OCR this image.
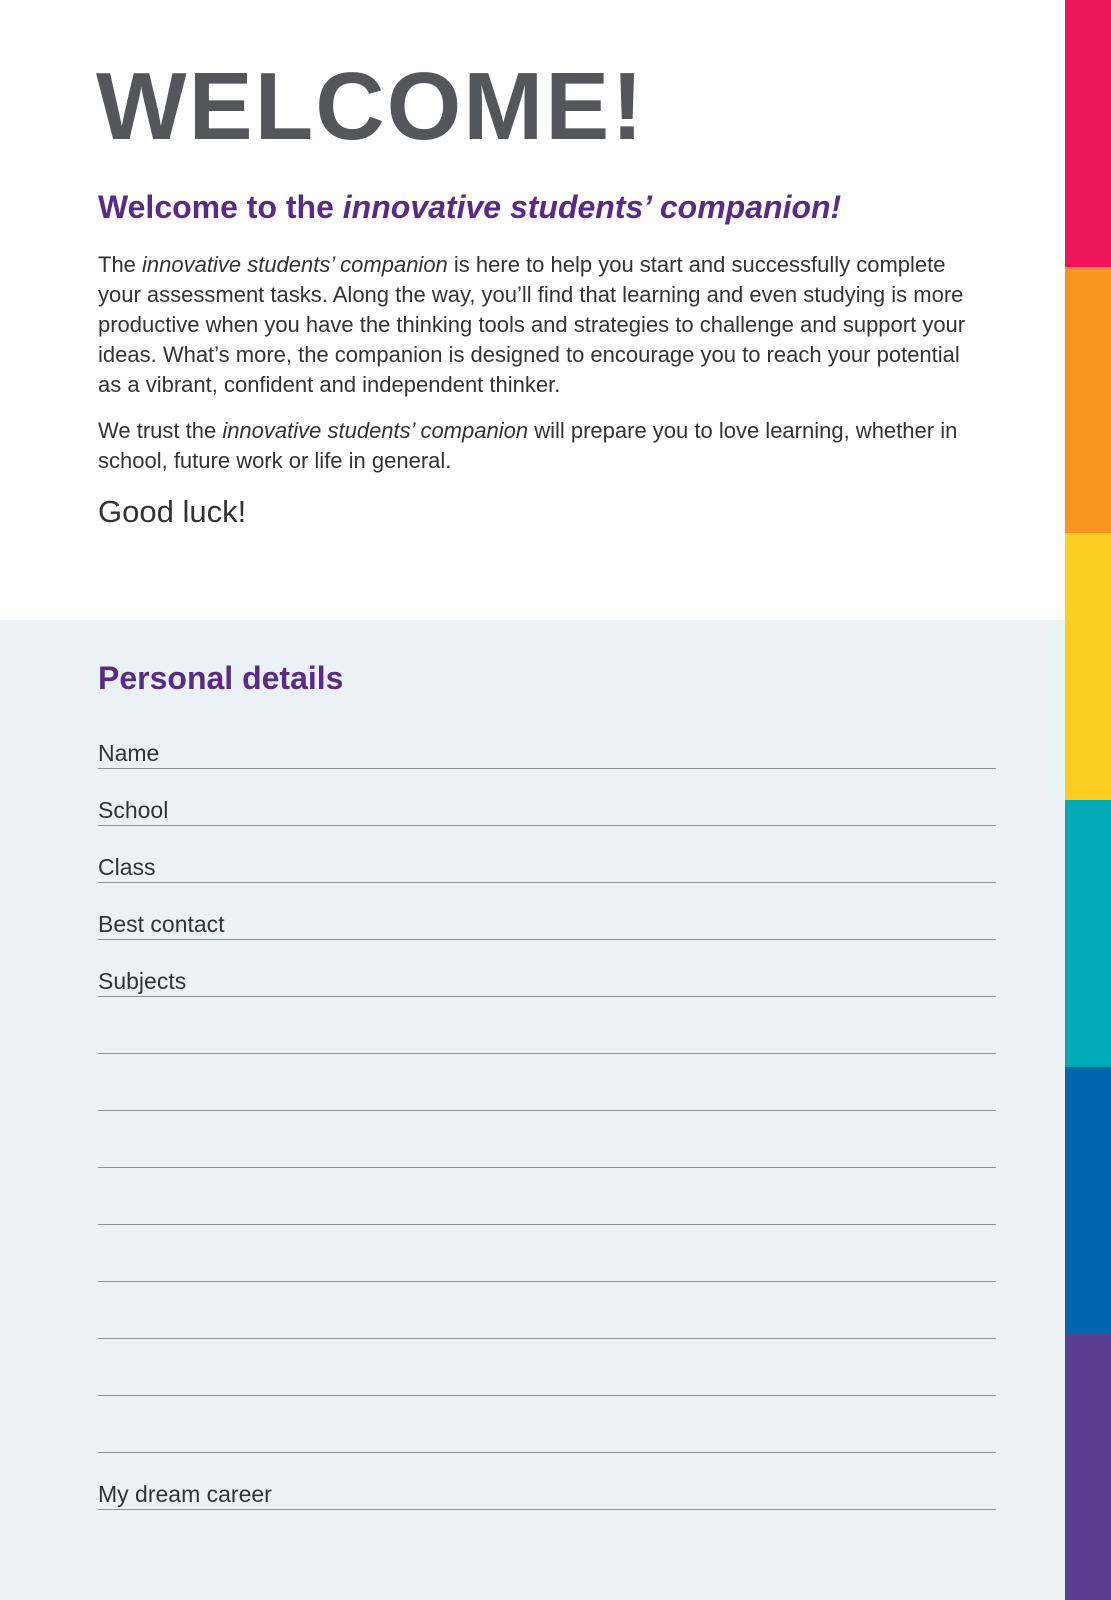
WELCOME!
Welcome to the innovative students’ companion!

The innovative students’ companion is here to help you start and successfully complete your assessment tasks. Along the way, you’ll find that learning and even studying is more productive when you have the thinking tools and strategies to challenge and support your ideas. What’s more, the companion is designed to encourage you to reach your potential as a vibrant, confident and independent thinker.

We trust the innovative students’ companion will prepare you to love learning, whether in school, future work or life in general.

Good luck!

Personal details
Name
School
Class
Best contact
Subjects
My dream career
